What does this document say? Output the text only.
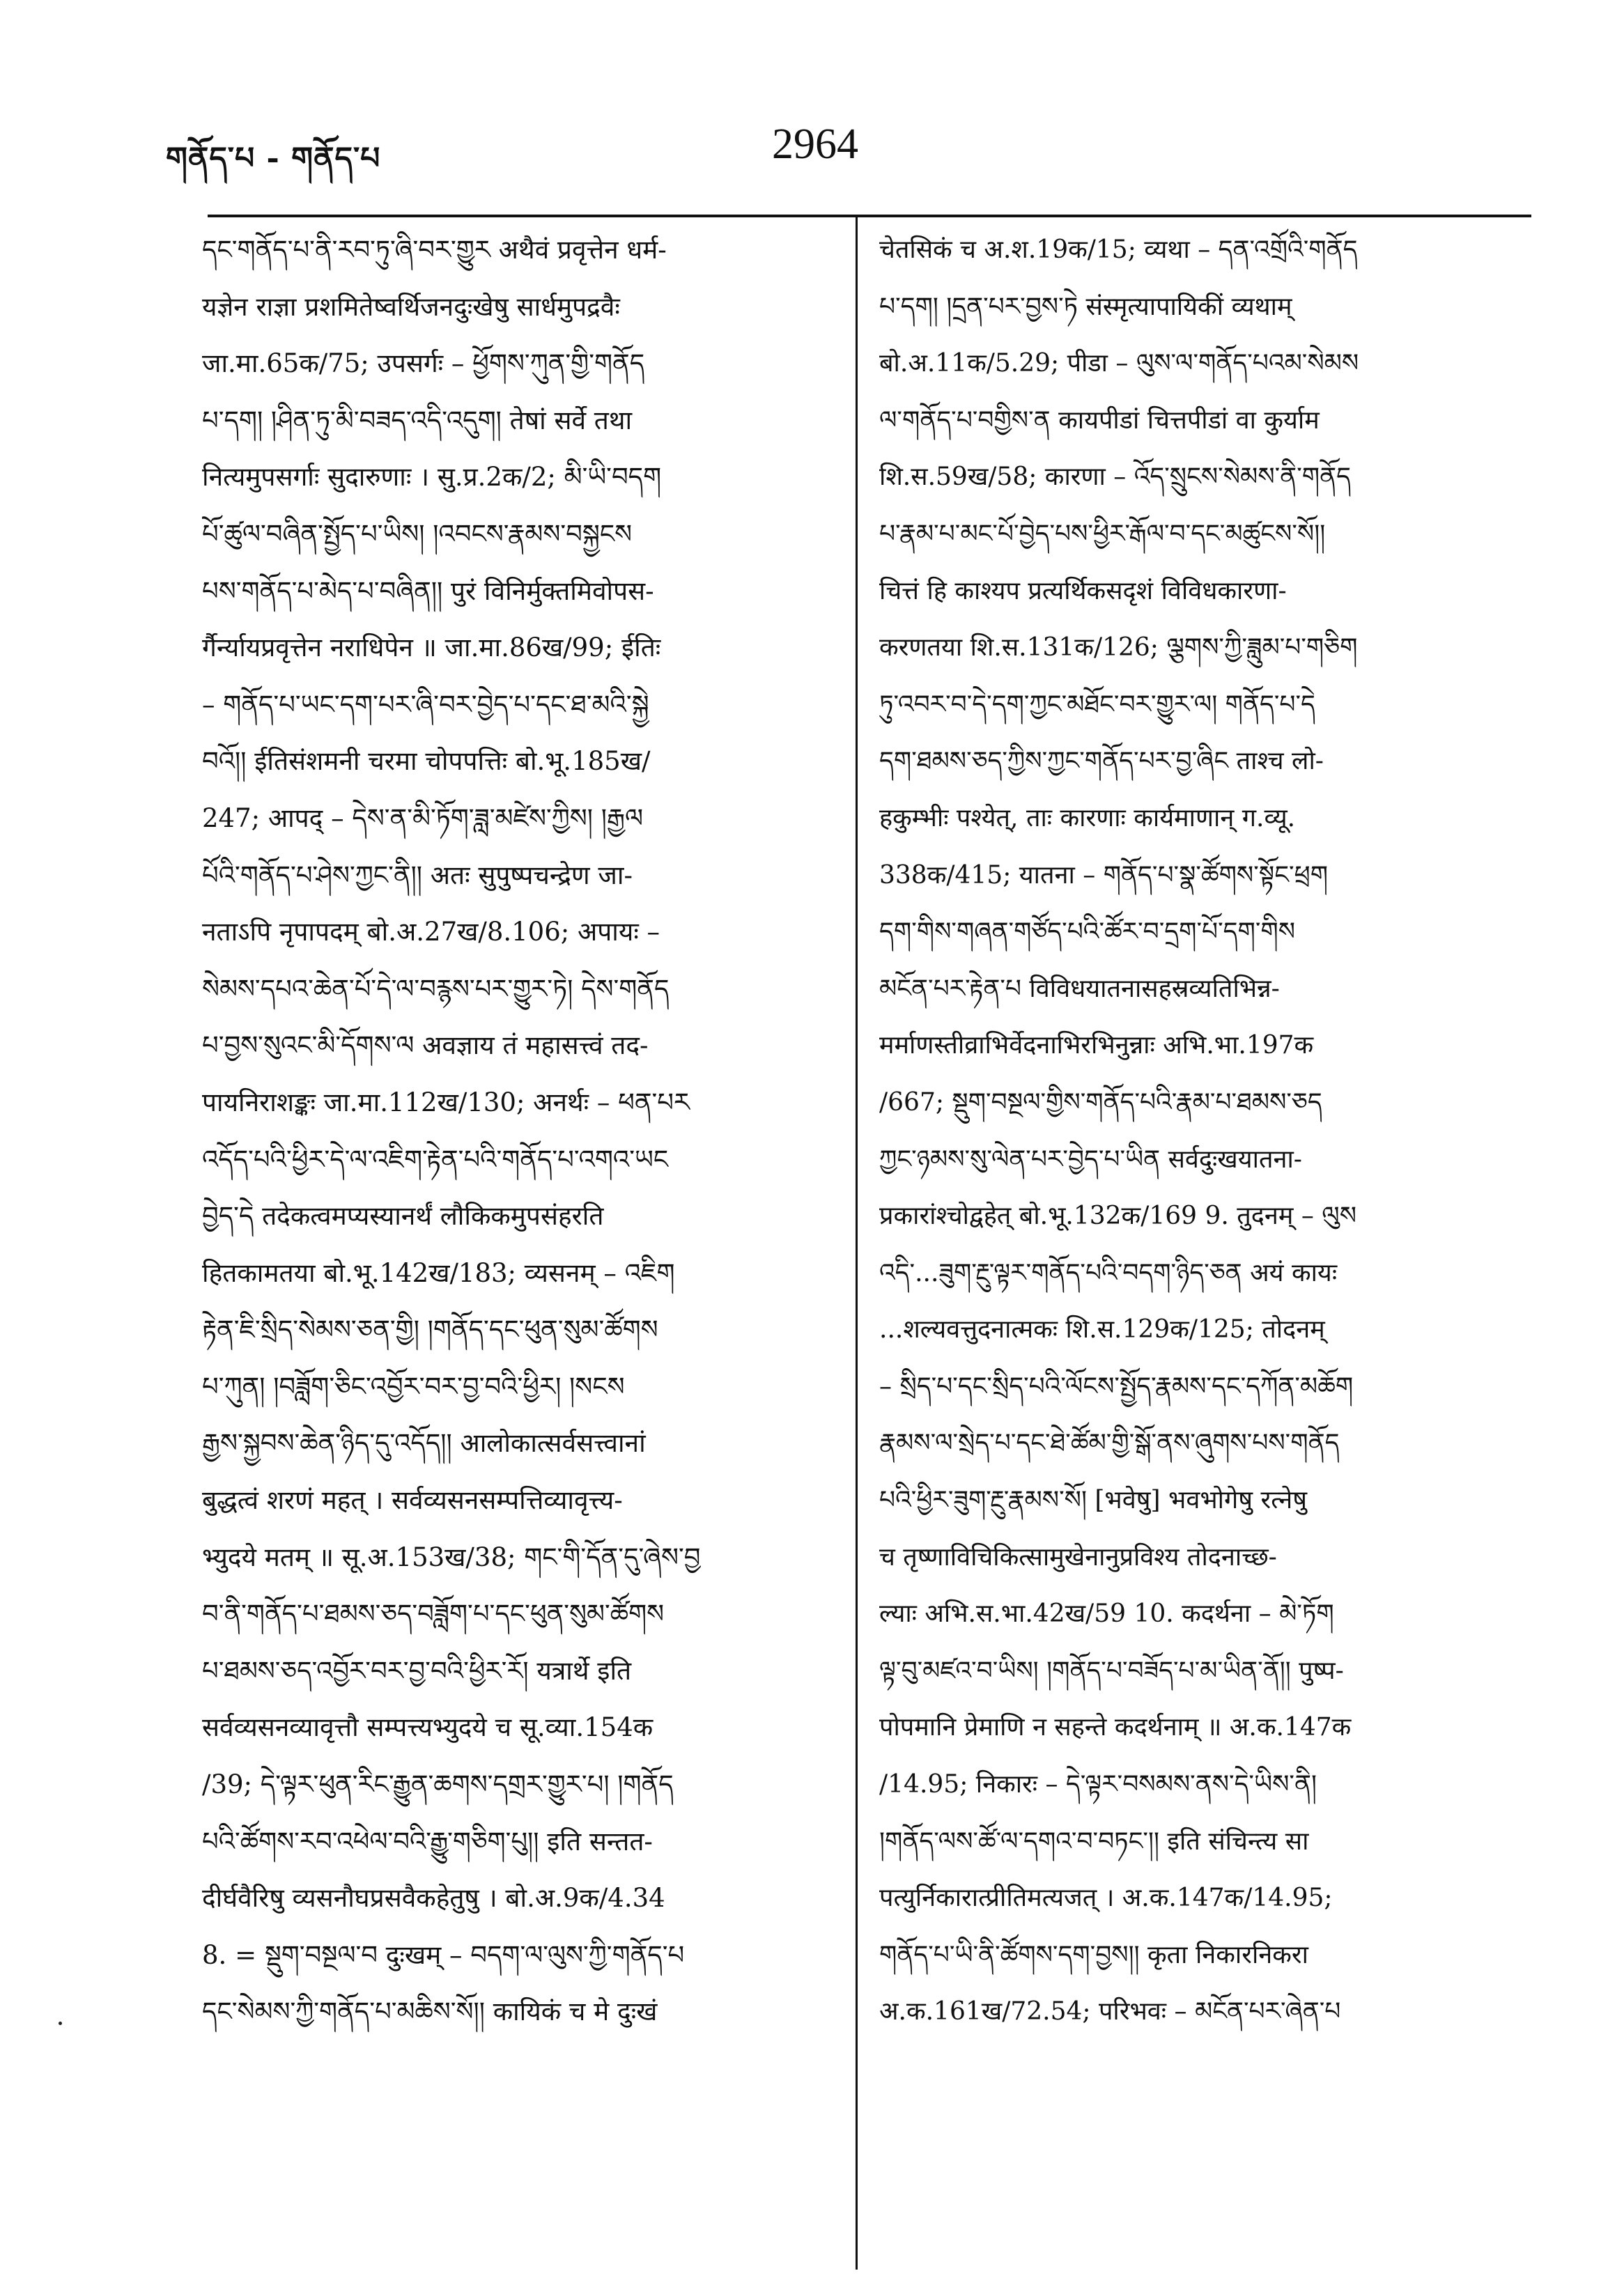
གནོད་པ - གནོད་པ	2964
དང་གནོད་པ་ནི་རབ་ཏུ་ཞི་བར་གྱུར अथैवं प्रवृत्तेन धर्म-
यज्ञेन राज्ञा प्रशमितेष्वर्थिजनदुःखेषु सार्धमुपद्रवैः
जा.मा.65क/75; उपसर्गः – ཕྱོགས་ཀུན་གྱི་གནོད
པ་དག། །ཤིན་ཏུ་མི་བཟད་འདི་འདུག། तेषां सर्वे तथा
नित्यमुपसर्गाः सुदारुणाः । सु.प्र.2क/2; མི་ཡི་བདག
པོ་ཚུལ་བཞིན་སྤྱོད་པ་ཡིས། །འབངས་རྣམས་བསྐྱངས
པས་གནོད་པ་མེད་པ་བཞིན།། पुरं विनिर्मुक्तमिवोपस-
र्गैर्न्यायप्रवृत्तेन नराधिपेन ॥ जा.मा.86ख/99; ईतिः
– གནོད་པ་ཡང་དག་པར་ཞི་བར་བྱེད་པ་དང་ཐ་མའི་སྐྱེ
བའོ།། ईतिसंशमनी चरमा चोपपत्तिः बो.भू.185ख/
247; आपद् – དེས་ན་མི་ཏོག་ཟླ་མཛེས་ཀྱིས། །རྒྱལ
པོའི་གནོད་པ་ཤེས་ཀྱང་ནི།། अतः सुपुष्पचन्द्रेण जा-
नताऽपि नृपापदम् बो.अ.27ख/8.106; अपायः –
སེམས་དཔའ་ཆེན་པོ་དེ་ལ་བརྙས་པར་གྱུར་ཏེ། དེས་གནོད
པ་བྱས་སུའང་མི་དོགས་ལ अवज्ञाय तं महासत्त्वं तद-
पायनिराशङ्कः जा.मा.112ख/130; अनर्थः – ཕན་པར
འདོད་པའི་ཕྱིར་དེ་ལ་འཇིག་རྟེན་པའི་གནོད་པ་འགའ་ཡང
བྱེད་དེ तदेकत्वमप्यस्यानर्थं लौकिकमुपसंहरति
हितकामतया बो.भू.142ख/183; व्यसनम् – འཇིག
རྟེན་ཇི་སྲིད་སེམས་ཅན་གྱི། །གནོད་དང་ཕུན་སུམ་ཚོགས
པ་ཀུན། །བཟློག་ཅིང་འབྱོར་བར་བྱ་བའི་ཕྱིར། །སངས
རྒྱས་སྐྱབས་ཆེན་ཉིད་དུ་འདོད།། आलोकात्सर्वसत्त्वानां
बुद्धत्वं शरणं महत् । सर्वव्यसनसम्पत्तिव्यावृत्त्य-
भ्युदये मतम् ॥ सू.अ.153ख/38; གང་གི་དོན་དུ་ཞེས་བྱ
བ་ནི་གནོད་པ་ཐམས་ཅད་བཟློག་པ་དང་ཕུན་སུམ་ཚོགས
པ་ཐམས་ཅད་འབྱོར་བར་བྱ་བའི་ཕྱིར་རོ། यत्रार्थे इति
सर्वव्यसनव्यावृत्तौ सम्पत्त्यभ्युदये च सू.व्या.154क
/39; དེ་ལྟར་ཕུན་རིང་རྒྱུན་ཆགས་དགྲར་གྱུར་པ། །གནོད
པའི་ཚོགས་རབ་འཕེལ་བའི་རྒྱུ་གཅིག་པུ།། इति सन्तत-
दीर्घवैरिषु व्यसनौघप्रसवैकहेतुषु । बो.अ.9क/4.34
8. = སྡུག་བསྔལ་བ दुःखम् – བདག་ལ་ལུས་ཀྱི་གནོད་པ
དང་སེམས་ཀྱི་གནོད་པ་མཆིས་སོ།། कायिकं च मे दुःखं
चेतसिकं च अ.श.19क/15; व्यथा – དན་འགྲོའི་གནོད
པ་དག། །དྲན་པར་བྱས་ཏེ संस्मृत्यापायिकीं व्यथाम्
बो.अ.11क/5.29; पीडा – ལུས་ལ་གནོད་པའམ་སེམས
ལ་གནོད་པ་བགྱིས་ན कायपीडां चित्तपीडां वा कुर्याम
शि.स.59ख/58; कारणा – འོད་སྲུངས་སེམས་ནི་གནོད
པ་རྣམ་པ་མང་པོ་བྱེད་པས་ཕྱིར་རྒོལ་བ་དང་མཚུངས་སོ།།
चित्तं हि काश्यप प्रत्यर्थिकसदृशं विविधकारणा-
करणतया शि.स.131क/126; ལྕགས་ཀྱི་ཟླུམ་པ་གཅིག
ཏུ་འབར་བ་དེ་དག་ཀྱང་མཐོང་བར་གྱུར་ལ། གནོད་པ་དེ
དག་ཐམས་ཅད་ཀྱིས་ཀྱང་གནོད་པར་བྱ་ཞིང ताश्च लो-
हकुम्भीः पश्येत्, ताः कारणाः कार्यमाणान् ग.व्यू.
338क/415; यातना – གནོད་པ་སྣ་ཚོགས་སྟོང་ཕྲག
དག་གིས་གཞན་གཙོད་པའི་ཚོར་བ་དྲག་པོ་དག་གིས
མངོན་པར་རྟེན་པ विविधयातनासहस्रव्यतिभिन्न-
मर्माणस्तीव्राभिर्वेदनाभिरभिनुन्नाः अभि.भा.197क
/667; སྡུག་བསྔལ་གྱིས་གནོད་པའི་རྣམ་པ་ཐམས་ཅད
ཀྱང་ཉམས་སུ་ལེན་པར་བྱེད་པ་ཡིན सर्वदुःखयातना-
प्रकारांश्चोद्वहेत् बो.भू.132क/169 9. तुदनम् – ལུས
འདི་...ཟུག་རྔུ་ལྟར་གནོད་པའི་བདག་ཉིད་ཅན अयं कायः
...शल्यवत्तुदनात्मकः शि.स.129क/125; तोदनम्
– སྲིད་པ་དང་སྲིད་པའི་ལོངས་སྤྱོད་རྣམས་དང་དཀོན་མཆོག
རྣམས་ལ་སྲེད་པ་དང་ཐེ་ཚོམ་གྱི་སྒོ་ནས་ཞུགས་པས་གནོད
པའི་ཕྱིར་ཟུག་རྔུ་རྣམས་སོ། [भवेषु] भवभोगेषु रत्नेषु
च तृष्णाविचिकित्सामुखेनानुप्रविश्य तोदनाच्छ-
ल्याः अभि.स.भा.42ख/59 10. कदर्थना – མེ་ཏོག
ལྟ་བུ་མཛའ་བ་ཡིས། །གནོད་པ་བཟོད་པ་མ་ཡིན་ནོ།། पुष्प-
पोपमानि प्रेमाणि न सहन्ते कदर्थनाम् ॥ अ.क.147क
/14.95; निकारः – དེ་ལྟར་བསམས་ནས་དེ་ཡིས་ནི།
།གནོད་ལས་ཚོ་ལ་དགའ་བ་བཏང་།། इति संचिन्त्य सा
पत्युर्निकारात्प्रीतिमत्यजत् । अ.क.147क/14.95;
གནོད་པ་ཡི་ནི་ཚོགས་དག་བྱས།། कृता निकारनिकरा
अ.क.161ख/72.54; परिभवः – མངོན་པར་ཞེན་པ
